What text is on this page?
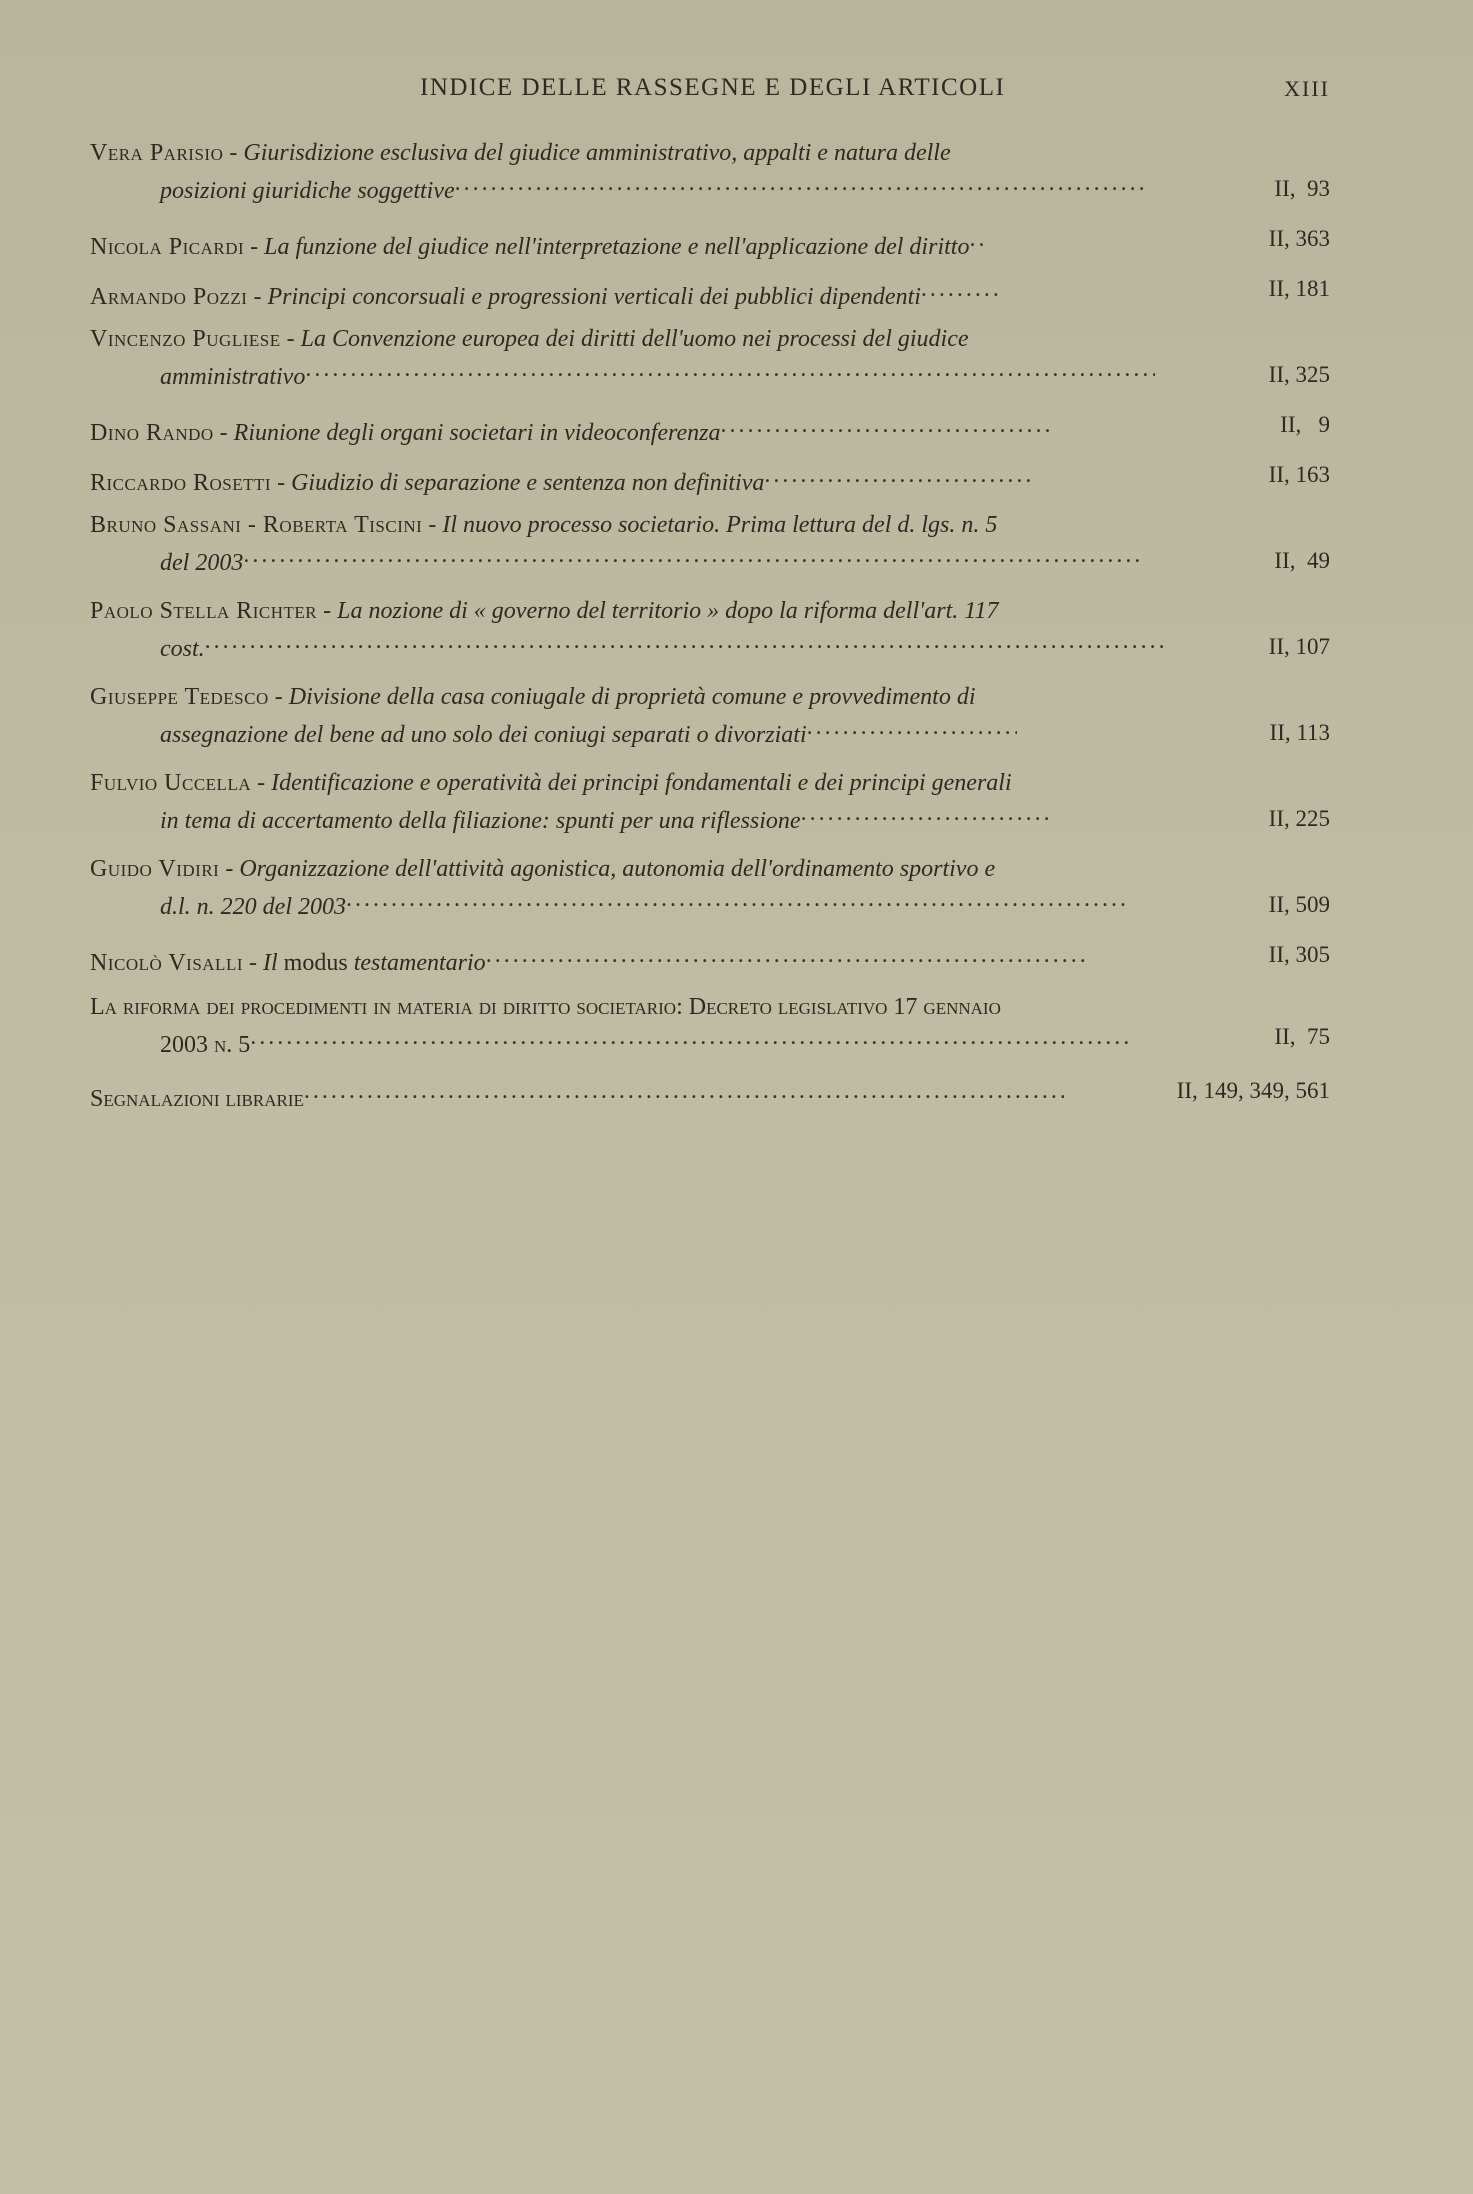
INDICE DELLE RASSEGNE E DEGLI ARTICOLI	XIII
Vera Parisio - Giurisdizione esclusiva del giudice amministrativo, appalti e natura delle
posizioni giuridiche soggettive .....	II,  93
Nicola Picardi - La funzione del giudice nell'interpretazione e nell'applicazione del diritto .....	II, 363
Armando Pozzi - Principi concorsuali e progressioni verticali dei pubblici dipendenti .....	II, 181
Vincenzo Pugliese - La Convenzione europea dei diritti dell'uomo nei processi del giudice
amministrativo .....	II, 325
Dino Rando - Riunione degli organi societari in videoconferenza .....	II,   9
Riccardo Rosetti - Giudizio di separazione e sentenza non definitiva .....	II, 163
Bruno Sassani - Roberta Tiscini - Il nuovo processo societario. Prima lettura del d. lgs. n. 5
del 2003 .....	II,  49
Paolo Stella Richter - La nozione di « governo del territorio » dopo la riforma dell'art. 117
cost. .....	II, 107
Giuseppe Tedesco - Divisione della casa coniugale di proprietà comune e provvedimento di
assegnazione del bene ad uno solo dei coniugi separati o divorziati .....	II, 113
Fulvio Uccella - Identificazione e operatività dei principi fondamentali e dei principi generali
in tema di accertamento della filiazione: spunti per una riflessione .....	II, 225
Guido Vidiri - Organizzazione dell'attività agonistica, autonomia dell'ordinamento sportivo e
d.l. n. 220 del 2003 .....	II, 509
Nicolò Visalli - Il modus testamentario .....	II, 305
La riforma dei procedimenti in materia di diritto societario: Decreto legislativo 17 gennaio
2003 n. 5 .....	II,  75
Segnalazioni librarie .....	II, 149, 349, 561
